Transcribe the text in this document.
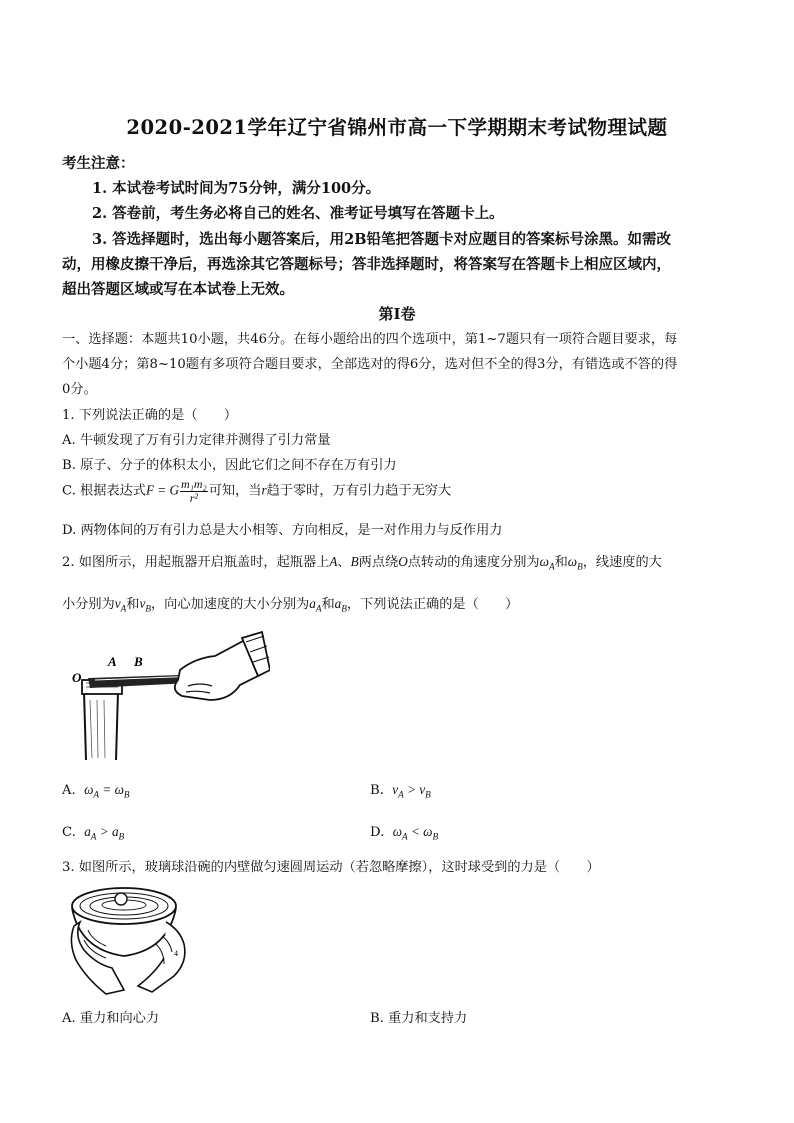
2020-2021学年辽宁省锦州市高一下学期期末考试物理试题
考生注意：
1. 本试卷考试时间为75分钟，满分100分。
2. 答卷前，考生务必将自己的姓名、准考证号填写在答题卡上。
3. 答选择题时，选出每小题答案后，用2B铅笔把答题卡对应题目的答案标号涂黑。如需改
动，用橡皮擦干净后，再选涂其它答题标号；答非选择题时，将答案写在答题卡上相应区域内，
超出答题区域或写在本试卷上无效。
第Ⅰ卷
一、选择题：本题共10小题，共46分。在每小题给出的四个选项中，第1~7题只有一项符合题目要求，每
个小题4分；第8~10题有多项符合题目要求，全部选对的得6分，选对但不全的得3分，有错选或不答的得
0分。
1. 下列说法正确的是（　　）
A. 牛顿发现了万有引力定律并测得了引力常量
B. 原子、分子的体积太小，因此它们之间不存在万有引力
C. 根据表达式F = G $\frac{\text{m₁m₂}}{\text{r²}}$ 可知，当r趋于零时，万有引力趋于无穷大
D. 两物体间的万有引力总是大小相等、方向相反，是一对作用力与反作用力
2. 如图所示，用起瓶器开启瓶盖时，起瓶器上A、B两点绕O点转动的角速度分别为$\omega_A$和$\omega_B$，线速度的大
小分别为$v_A$和$v_B$，向心加速度的大小分别为$a_A$和$a_B$，下列说法正确的是（　　）
O
A B
A. $\omega_A = \omega_B$	B. $v_A > v_B$
C. $a_A > a_B$	D. $\omega_A < \omega_B$
3. 如图所示，玻璃球沿碗的内壁做匀速圆周运动（若忽略摩擦），这时球受到的力是（　　）
4
A. 重力和向心力	B. 重力和支持力
